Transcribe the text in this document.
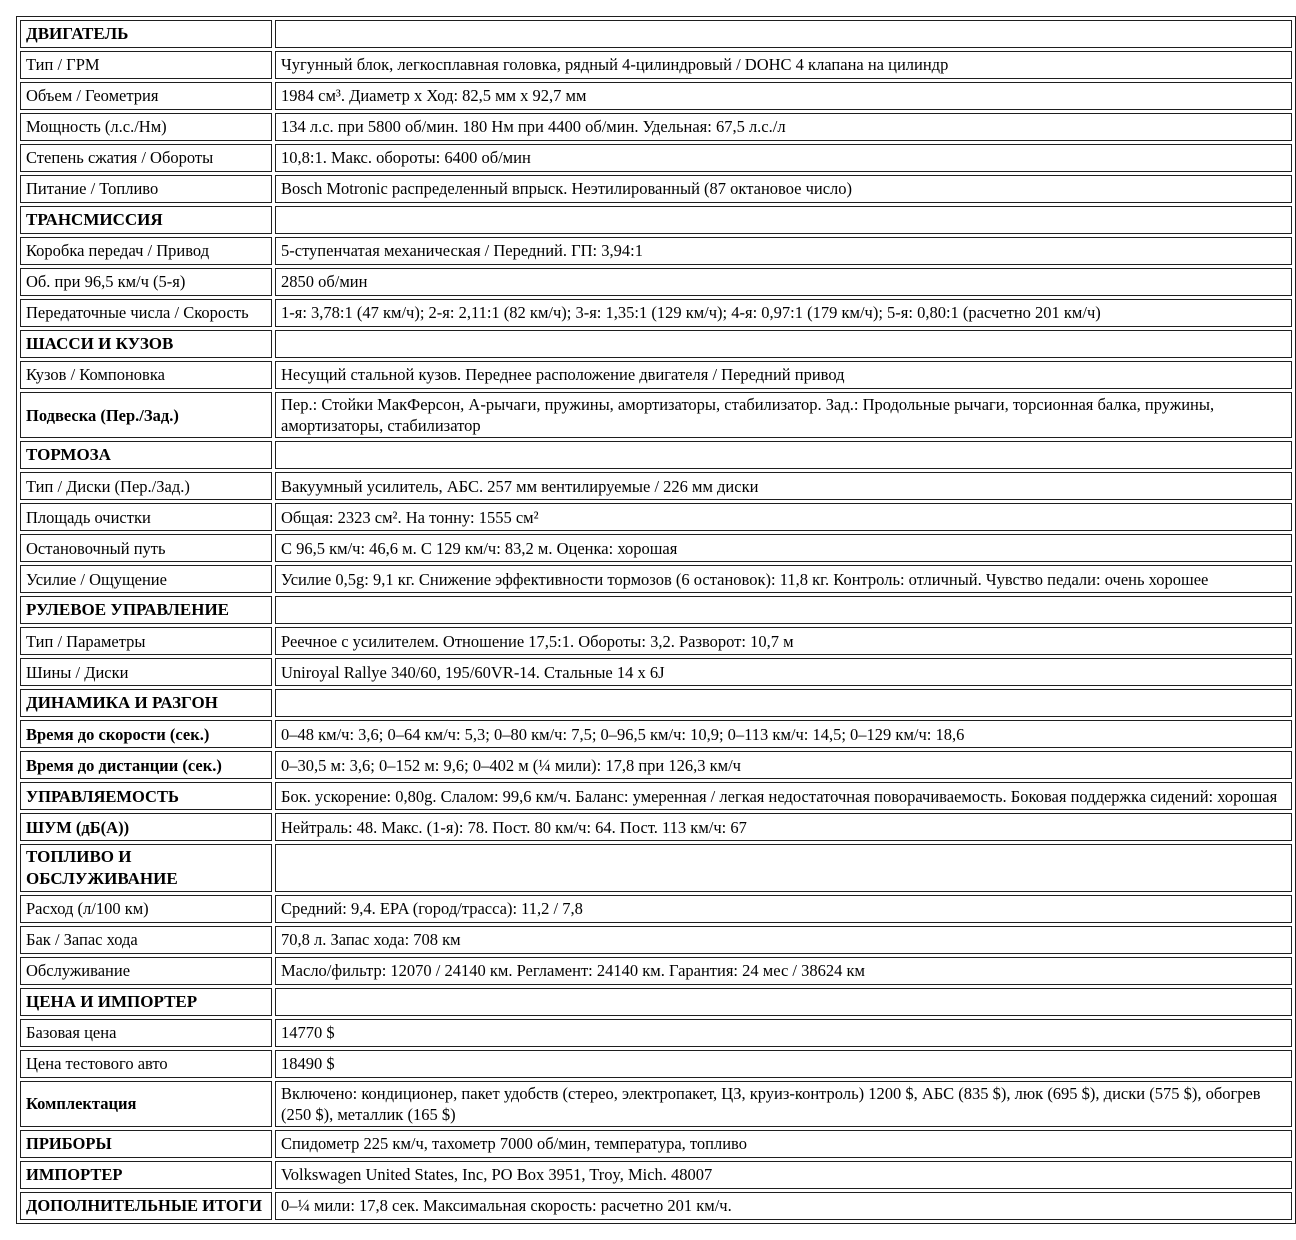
ДВИГАТЕЛЬ	
Тип / ГРМ	Чугунный блок, легкосплавная головка, рядный 4-цилиндровый / DOHC 4 клапана на цилиндр
Объем / Геометрия	1984 см³. Диаметр х Ход: 82,5 мм х 92,7 мм
Мощность (л.с./Нм)	134 л.с. при 5800 об/мин. 180 Нм при 4400 об/мин. Удельная: 67,5 л.с./л
Степень сжатия / Обороты	10,8:1. Макс. обороты: 6400 об/мин
Питание / Топливо	Bosch Motronic распределенный впрыск. Неэтилированный (87 октановое число)
ТРАНСМИССИЯ	
Коробка передач / Привод	5-ступенчатая механическая / Передний. ГП: 3,94:1
Об. при 96,5 км/ч (5-я)	2850 об/мин
Передаточные числа / Скорость	1-я: 3,78:1 (47 км/ч); 2-я: 2,11:1 (82 км/ч); 3-я: 1,35:1 (129 км/ч); 4-я: 0,97:1 (179 км/ч); 5-я: 0,80:1 (расчетно 201 км/ч)
ШАССИ И КУЗОВ	
Кузов / Компоновка	Несущий стальной кузов. Переднее расположение двигателя / Передний привод
Подвеска (Пер./Зад.)	Пер.: Стойки МакФерсон, А-рычаги, пружины, амортизаторы, стабилизатор. Зад.: Продольные рычаги, торсионная балка, пружины, амортизаторы, стабилизатор
ТОРМОЗА	
Тип / Диски (Пер./Зад.)	Вакуумный усилитель, АБС. 257 мм вентилируемые / 226 мм диски
Площадь очистки	Общая: 2323 см². На тонну: 1555 см²
Остановочный путь	С 96,5 км/ч: 46,6 м. С 129 км/ч: 83,2 м. Оценка: хорошая
Усилие / Ощущение	Усилие 0,5g: 9,1 кг. Снижение эффективности тормозов (6 остановок): 11,8 кг. Контроль: отличный. Чувство педали: очень хорошее
РУЛЕВОЕ УПРАВЛЕНИЕ	
Тип / Параметры	Реечное с усилителем. Отношение 17,5:1. Обороты: 3,2. Разворот: 10,7 м
Шины / Диски	Uniroyal Rallye 340/60, 195/60VR-14. Стальные 14 x 6J
ДИНАМИКА И РАЗГОН	
Время до скорости (сек.)	0–48 км/ч: 3,6; 0–64 км/ч: 5,3; 0–80 км/ч: 7,5; 0–96,5 км/ч: 10,9; 0–113 км/ч: 14,5; 0–129 км/ч: 18,6
Время до дистанции (сек.)	0–30,5 м: 3,6; 0–152 м: 9,6; 0–402 м (¼ мили): 17,8 при 126,3 км/ч
УПРАВЛЯЕМОСТЬ	Бок. ускорение: 0,80g. Слалом: 99,6 км/ч. Баланс: умеренная / легкая недостаточная поворачиваемость. Боковая поддержка сидений: хорошая
ШУМ (дБ(А))	Нейтраль: 48. Макс. (1-я): 78. Пост. 80 км/ч: 64. Пост. 113 км/ч: 67
ТОПЛИВО И ОБСЛУЖИВАНИЕ	
Расход (л/100 км)	Средний: 9,4. EPA (город/трасса): 11,2 / 7,8
Бак / Запас хода	70,8 л. Запас хода: 708 км
Обслуживание	Масло/фильтр: 12070 / 24140 км. Регламент: 24140 км. Гарантия: 24 мес / 38624 км
ЦЕНА И ИМПОРТЕР	
Базовая цена	14770 $
Цена тестового авто	18490 $
Комплектация	Включено: кондиционер, пакет удобств (стерео, электропакет, ЦЗ, круиз-контроль) 1200 $, АБС (835 $), люк (695 $), диски (575 $), обогрев (250 $), металлик (165 $)
ПРИБОРЫ	Спидометр 225 км/ч, тахометр 7000 об/мин, температура, топливо
ИМПОРТЕР	Volkswagen United States, Inc, PO Box 3951, Troy, Mich. 48007
ДОПОЛНИТЕЛЬНЫЕ ИТОГИ	0–¼ мили: 17,8 сек. Максимальная скорость: расчетно 201 км/ч.
